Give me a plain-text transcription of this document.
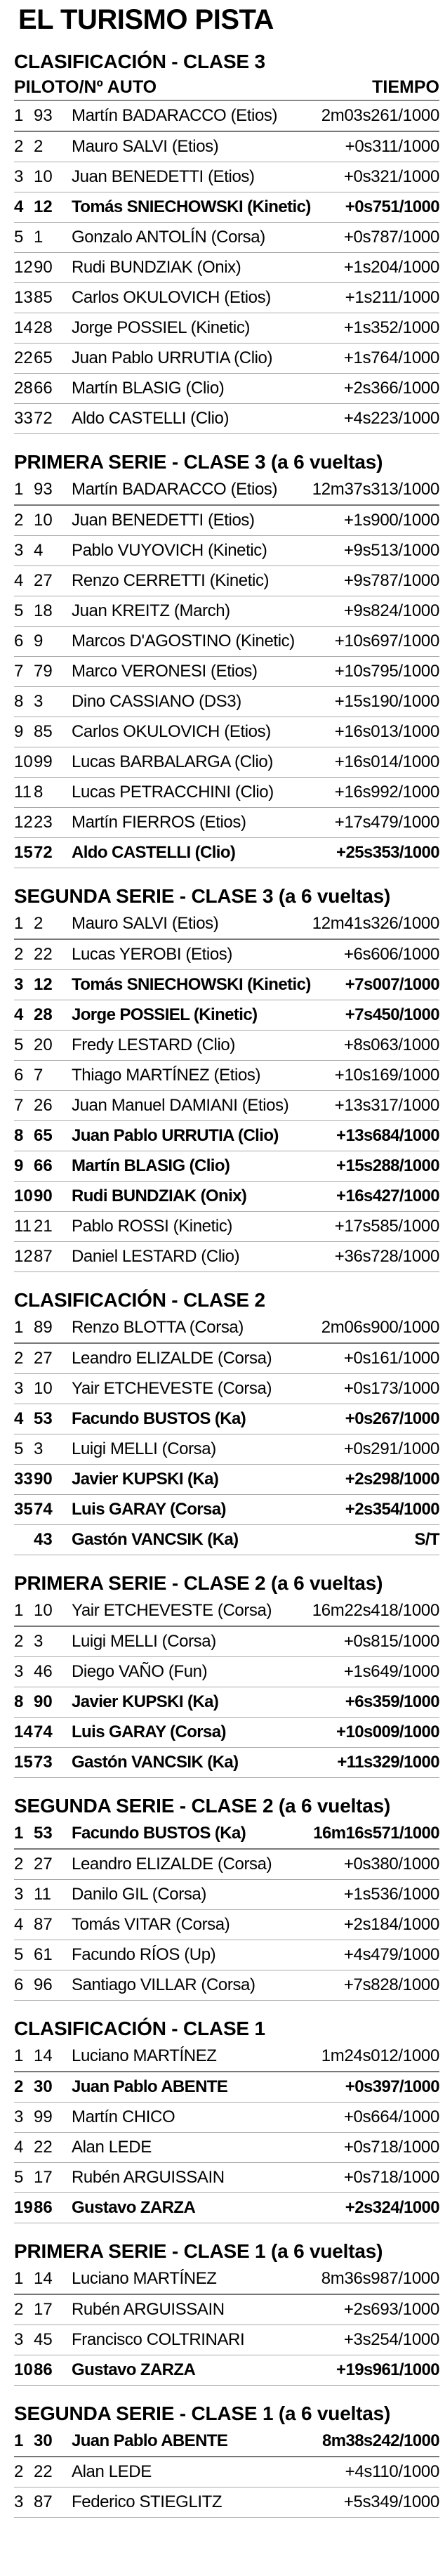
EL TURISMO PISTA
CLASIFICACIÓN - CLASE 3
PILOTO/Nº AUTO	TIEMPO
1 93	Martín BADARACCO (Etios)	2m03s261/1000
2 2	Mauro SALVI (Etios)	+0s311/1000
3 10	Juan BENEDETTI (Etios)	+0s321/1000
4 12	Tomás SNIECHOWSKI (Kinetic)	+0s751/1000
5 1	Gonzalo ANTOLÍN (Corsa)	+0s787/1000
12 90	Rudi BUNDZIAK (Onix)	+1s204/1000
13 85	Carlos OKULOVICH (Etios)	+1s211/1000
14 28	Jorge POSSIEL (Kinetic)	+1s352/1000
22 65	Juan Pablo URRUTIA (Clio)	+1s764/1000
28 66	Martín BLASIG (Clio)	+2s366/1000
33 72	Aldo CASTELLI (Clio)	+4s223/1000
PRIMERA SERIE - CLASE 3 (a 6 vueltas)
1 93	Martín BADARACCO (Etios)	12m37s313/1000
2 10	Juan BENEDETTI (Etios)	+1s900/1000
3 4	Pablo VUYOVICH (Kinetic)	+9s513/1000
4 27	Renzo CERRETTI (Kinetic)	+9s787/1000
5 18	Juan KREITZ (March)	+9s824/1000
6 9	Marcos D'AGOSTINO (Kinetic)	+10s697/1000
7 79	Marco VERONESI (Etios)	+10s795/1000
8 3	Dino CASSIANO (DS3)	+15s190/1000
9 85	Carlos OKULOVICH (Etios)	+16s013/1000
10 99	Lucas BARBALARGA (Clio)	+16s014/1000
11 8	Lucas PETRACCHINI (Clio)	+16s992/1000
12 23	Martín FIERROS (Etios)	+17s479/1000
15 72	Aldo CASTELLI (Clio)	+25s353/1000
SEGUNDA SERIE - CLASE 3 (a 6 vueltas)
1 2	Mauro SALVI (Etios)	12m41s326/1000
2 22	Lucas YEROBI (Etios)	+6s606/1000
3 12	Tomás SNIECHOWSKI (Kinetic)	+7s007/1000
4 28	Jorge POSSIEL (Kinetic)	+7s450/1000
5 20	Fredy LESTARD (Clio)	+8s063/1000
6 7	Thiago MARTÍNEZ (Etios)	+10s169/1000
7 26	Juan Manuel DAMIANI (Etios)	+13s317/1000
8 65	Juan Pablo URRUTIA (Clio)	+13s684/1000
9 66	Martín BLASIG (Clio)	+15s288/1000
10 90	Rudi BUNDZIAK (Onix)	+16s427/1000
11 21	Pablo ROSSI (Kinetic)	+17s585/1000
12 87	Daniel LESTARD (Clio)	+36s728/1000
CLASIFICACIÓN - CLASE 2
1 89	Renzo BLOTTA (Corsa)	2m06s900/1000
2 27	Leandro ELIZALDE (Corsa)	+0s161/1000
3 10	Yair ETCHEVESTE (Corsa)	+0s173/1000
4 53	Facundo BUSTOS (Ka)	+0s267/1000
5 3	Luigi MELLI (Corsa)	+0s291/1000
33 90	Javier KUPSKI (Ka)	+2s298/1000
35 74	Luis GARAY (Corsa)	+2s354/1000
43	Gastón VANCSIK (Ka)	S/T
PRIMERA SERIE - CLASE 2 (a 6 vueltas)
1 10	Yair ETCHEVESTE (Corsa)	16m22s418/1000
2 3	Luigi MELLI (Corsa)	+0s815/1000
3 46	Diego VAÑO (Fun)	+1s649/1000
8 90	Javier KUPSKI (Ka)	+6s359/1000
14 74	Luis GARAY (Corsa)	+10s009/1000
15 73	Gastón VANCSIK (Ka)	+11s329/1000
SEGUNDA SERIE - CLASE 2 (a 6 vueltas)
1 53	Facundo BUSTOS (Ka)	16m16s571/1000
2 27	Leandro ELIZALDE (Corsa)	+0s380/1000
3 11	Danilo GIL (Corsa)	+1s536/1000
4 87	Tomás VITAR (Corsa)	+2s184/1000
5 61	Facundo RÍOS (Up)	+4s479/1000
6 96	Santiago VILLAR (Corsa)	+7s828/1000
CLASIFICACIÓN - CLASE 1
1 14	Luciano MARTÍNEZ	1m24s012/1000
2 30	Juan Pablo ABENTE	+0s397/1000
3 99	Martín CHICO	+0s664/1000
4 22	Alan LEDE	+0s718/1000
5 17	Rubén ARGUISSAIN	+0s718/1000
19 86	Gustavo ZARZA	+2s324/1000
PRIMERA SERIE - CLASE 1 (a 6 vueltas)
1 14	Luciano MARTÍNEZ	8m36s987/1000
2 17	Rubén ARGUISSAIN	+2s693/1000
3 45	Francisco COLTRINARI	+3s254/1000
10 86	Gustavo ZARZA	+19s961/1000
SEGUNDA SERIE - CLASE 1 (a 6 vueltas)
1 30	Juan Pablo ABENTE	8m38s242/1000
2 22	Alan LEDE	+4s110/1000
3 87	Federico STIEGLITZ	+5s349/1000
